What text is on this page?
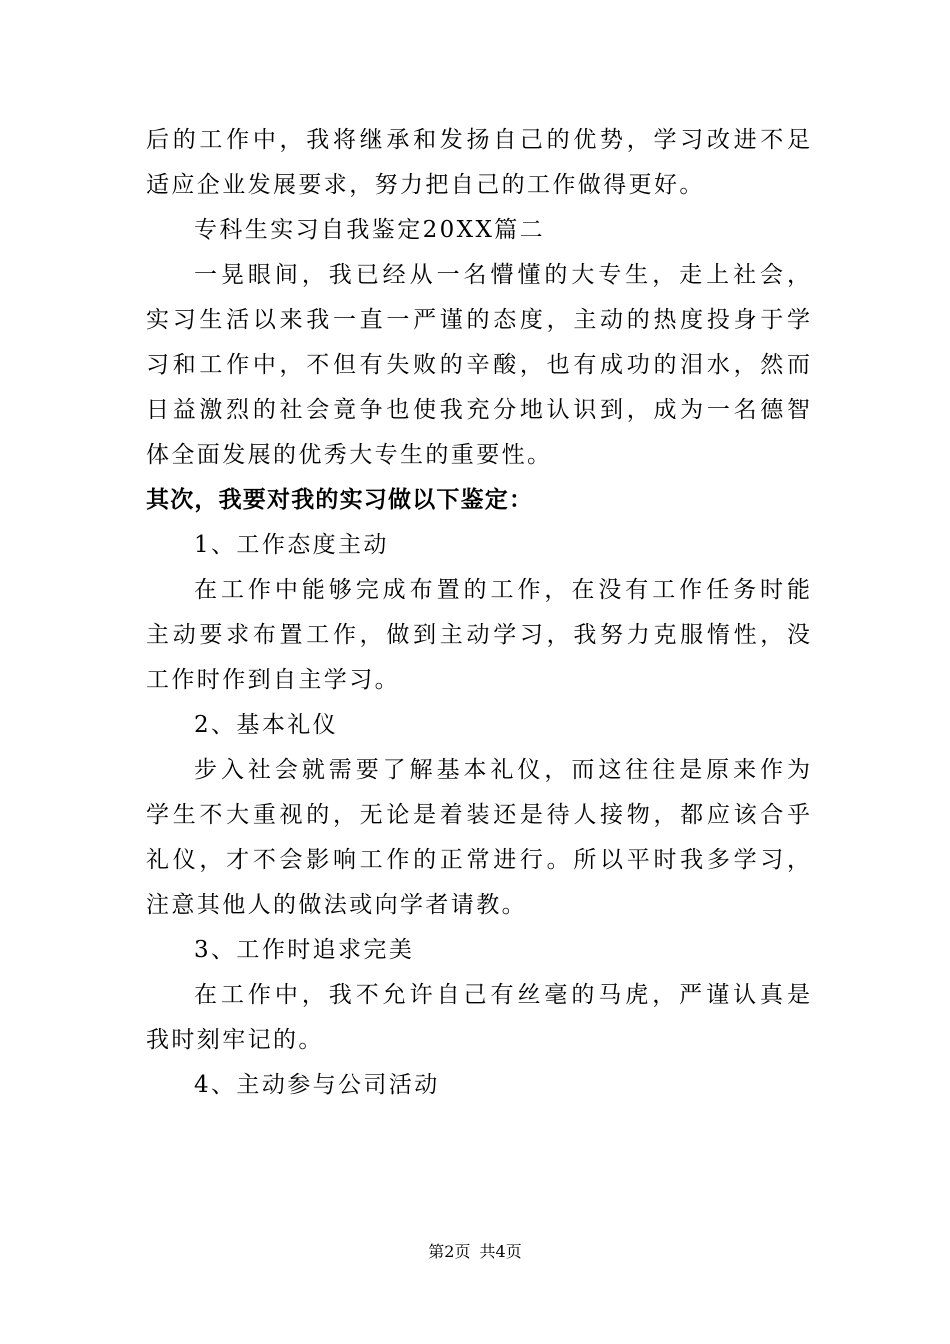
后的工作中，我将继承和发扬自己的优势，学习改进不足
适应企业发展要求，努力把自己的工作做得更好。
专科生实习自我鉴定20XX篇二
一晃眼间，我已经从一名懵懂的大专生，走上社会，
实习生活以来我一直一严谨的态度，主动的热度投身于学
习和工作中，不但有失败的辛酸，也有成功的泪水，然而
日益激烈的社会竟争也使我充分地认识到，成为一名德智
体全面发展的优秀大专生的重要性。
其次，我要对我的实习做以下鉴定：
1、工作态度主动
在工作中能够完成布置的工作，在没有工作任务时能
主动要求布置工作，做到主动学习，我努力克服惰性，没
工作时作到自主学习。
2、基本礼仪
步入社会就需要了解基本礼仪，而这往往是原来作为
学生不大重视的，无论是着装还是待人接物，都应该合乎
礼仪，才不会影响工作的正常进行。所以平时我多学习，
注意其他人的做法或向学者请教。
3、工作时追求完美
在工作中，我不允许自己有丝毫的马虎，严谨认真是
我时刻牢记的。
4、主动参与公司活动
第2页 共4页
